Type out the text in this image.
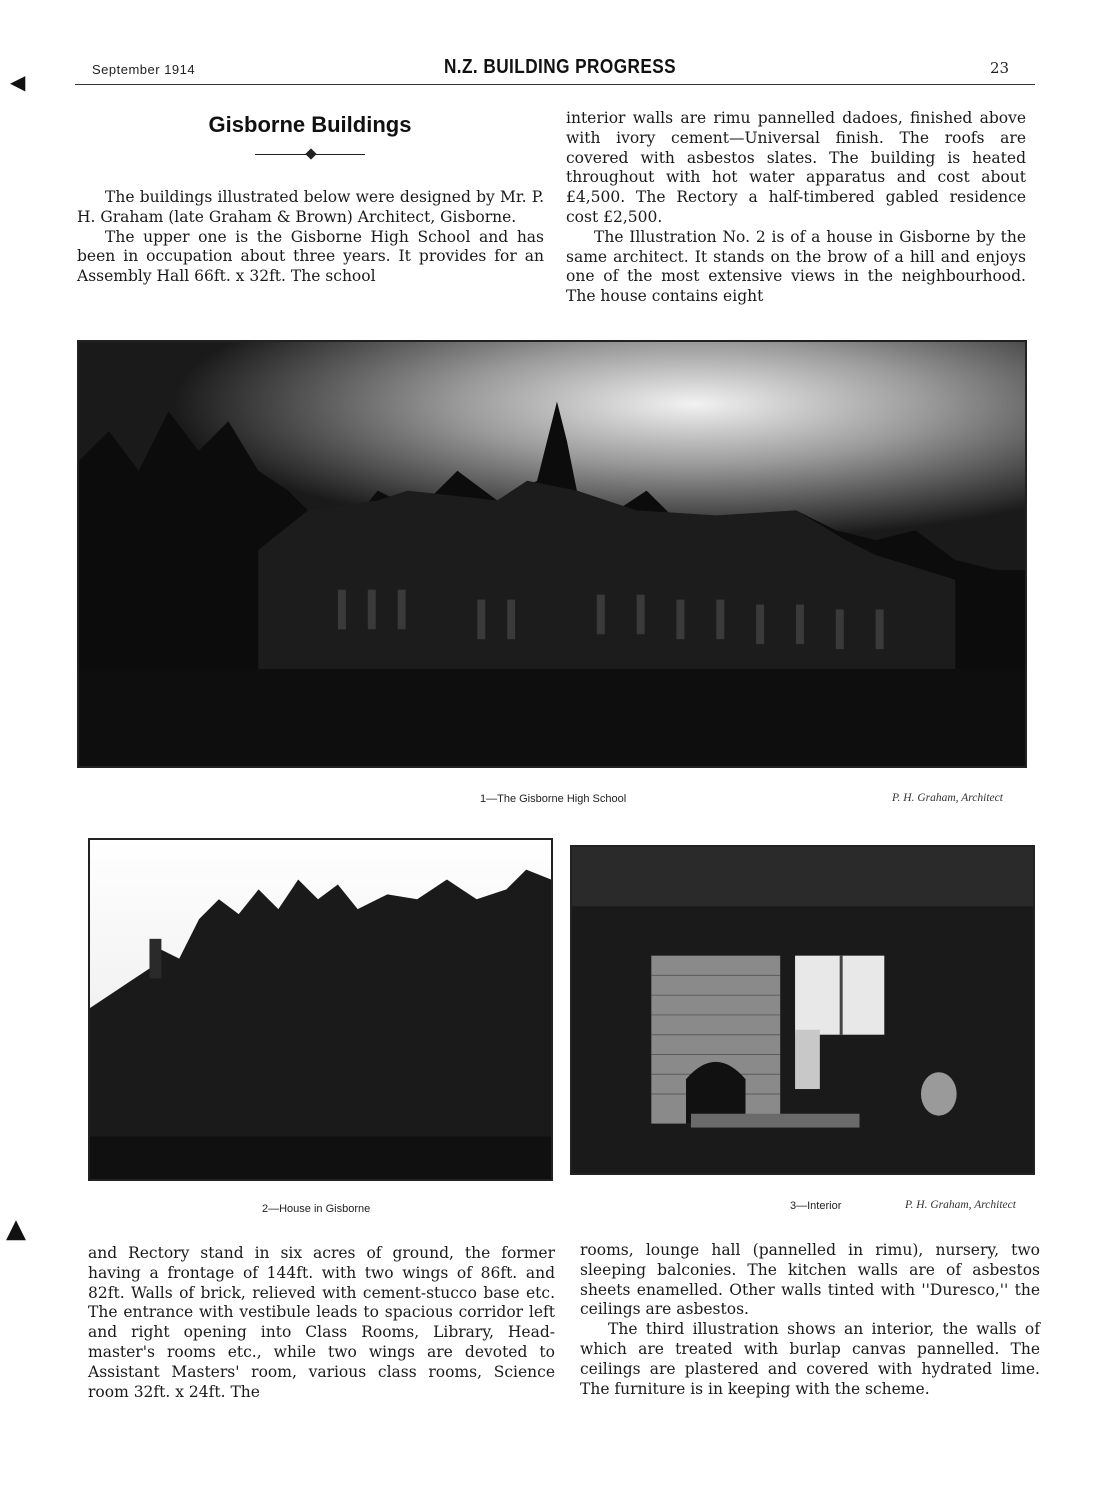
◀
▲
September 1914	N.Z. BUILDING PROGRESS	23
Gisborne Buildings

The buildings illustrated below were designed by Mr. P. H. Graham (late Graham & Brown) Architect, Gisborne.

The upper one is the Gisborne High School and has been in occupation about three years. It provides for an Assembly Hall 66ft. x 32ft. The school

interior walls are rimu pannelled dadoes, finished above with ivory cement—Universal finish. The roofs are covered with asbestos slates. The building is heated throughout with hot water apparatus and cost about £4,500. The Rectory a half-timbered gabled residence cost £2,500.

The Illustration No. 2 is of a house in Gisborne by the same architect. It stands on the brow of a hill and enjoys one of the most extensive views in the neighbourhood. The house contains eight

1—The Gisborne High School	P. H. Graham, Architect
2—House in Gisborne	3—Interior	P. H. Graham, Architect

and Rectory stand in six acres of ground, the former having a frontage of 144ft. with two wings of 86ft. and 82ft. Walls of brick, relieved with cement-stucco base etc. The entrance with vestibule leads to spacious corridor left and right opening into Class Rooms, Library, Head-master's rooms etc., while two wings are devoted to Assistant Masters' room, various class rooms, Science room 32ft. x 24ft. The

rooms, lounge hall (pannelled in rimu), nursery, two sleeping balconies. The kitchen walls are of asbestos sheets enamelled. Other walls tinted with ''Duresco,'' the ceilings are asbestos.

The third illustration shows an interior, the walls of which are treated with burlap canvas pannelled. The ceilings are plastered and covered with hydrated lime. The furniture is in keeping with the scheme.
